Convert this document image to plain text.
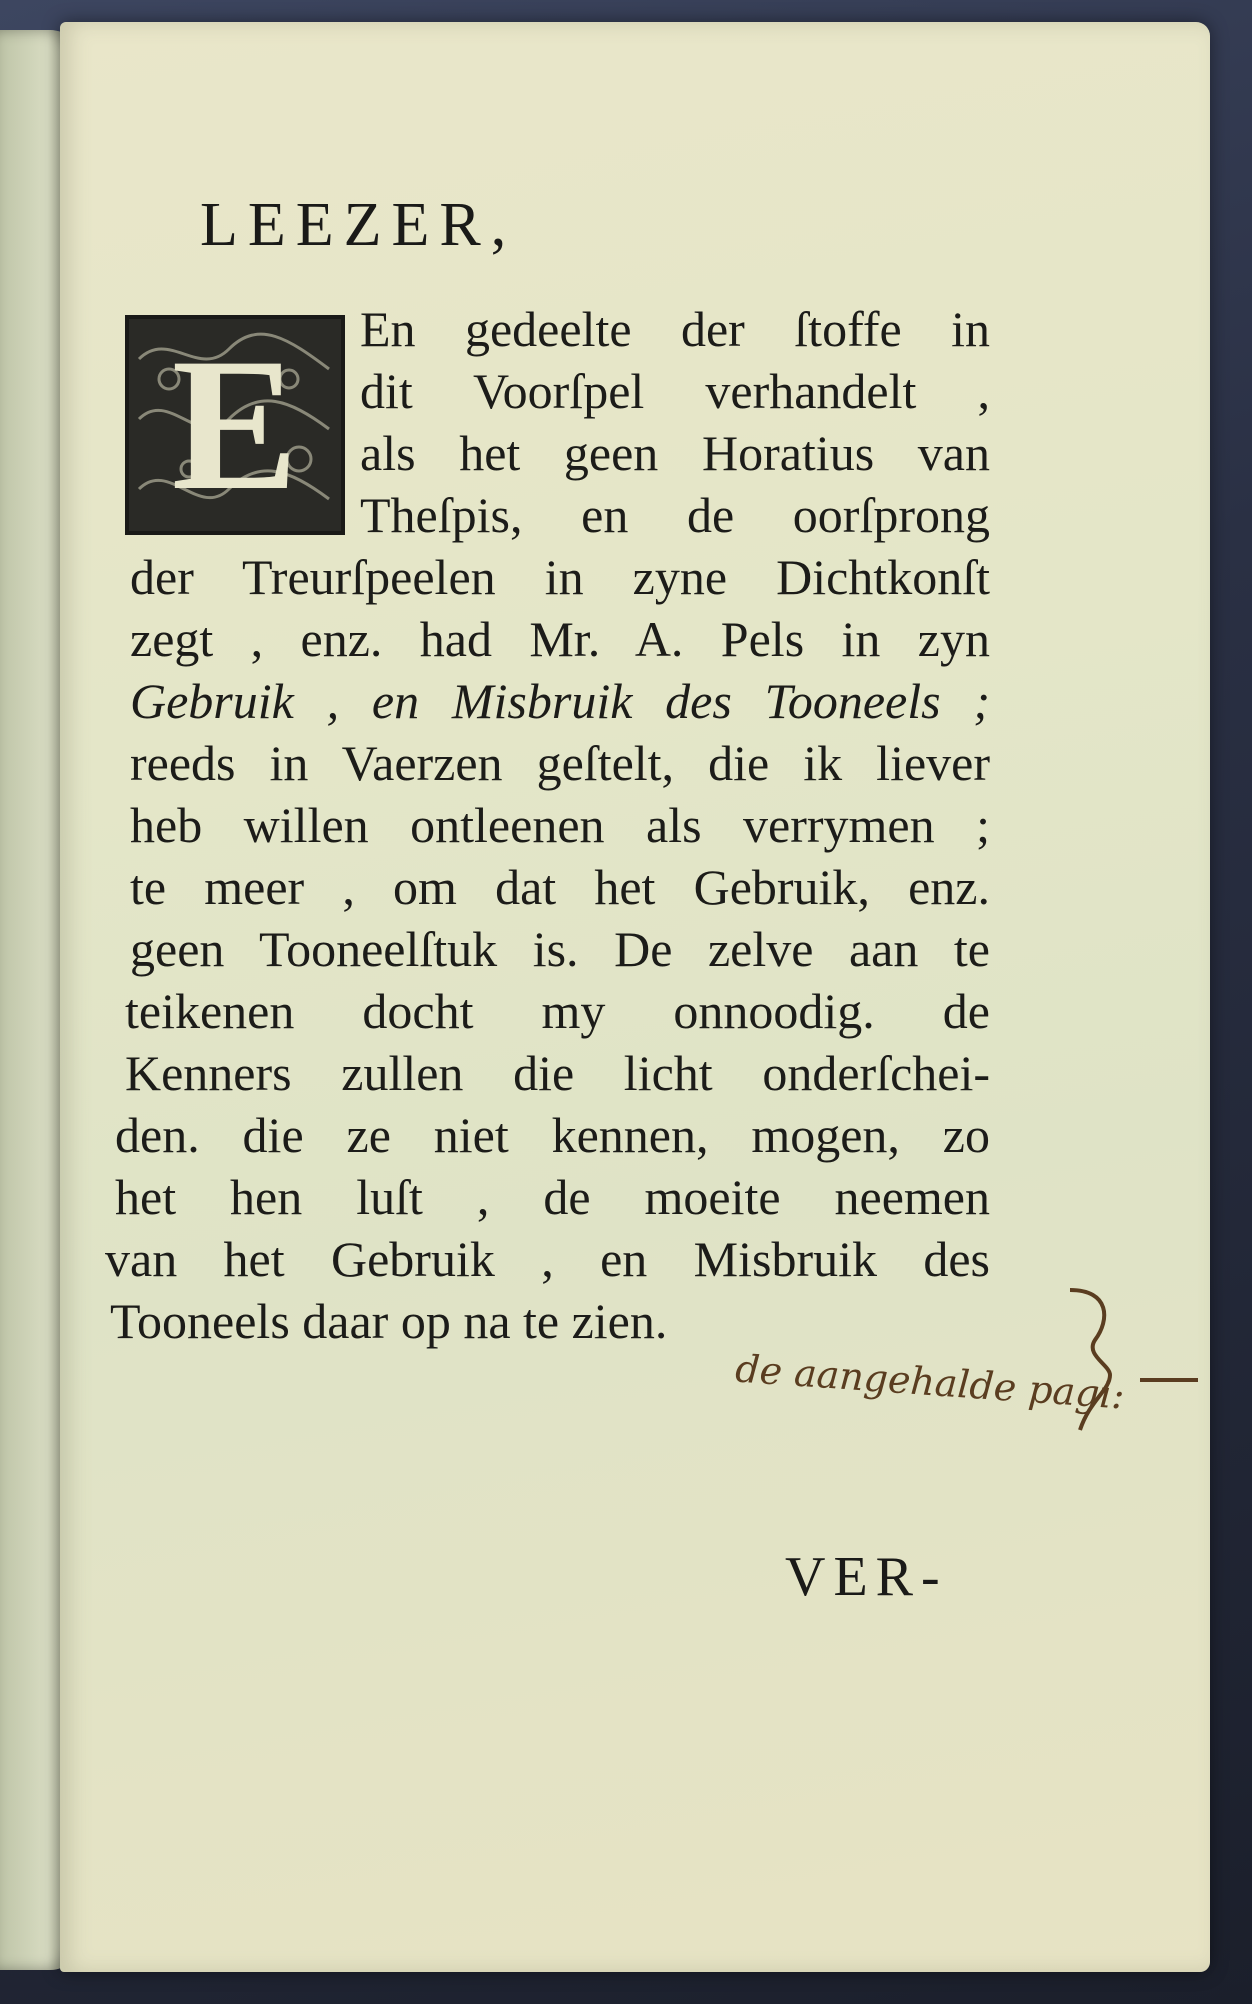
LEEZER,
E En gedeelte der ſtoffe in
dit Voorſpel verhandelt ,
als het geen Horatius van
Theſpis, en de oorſprong
der Treurſpeelen in zyne Dichtkonſt
zegt , enz. had Mr. A. Pels in zyn
Gebruik , en Misbruik des Tooneels ;
reeds in Vaerzen geſtelt, die ik liever
heb willen ontleenen als verrymen ;
te meer , om dat het Gebruik, enz.
geen Tooneelſtuk is. De zelve aan te
teikenen docht my onnoodig. de
Kenners zullen die licht onderſchei-
den. die ze niet kennen, mogen, zo
het hen luſt , de moeite neemen
van het Gebruik , en Misbruik des
Tooneels daar op na te zien.
de aangehalde pagi:
VER-
